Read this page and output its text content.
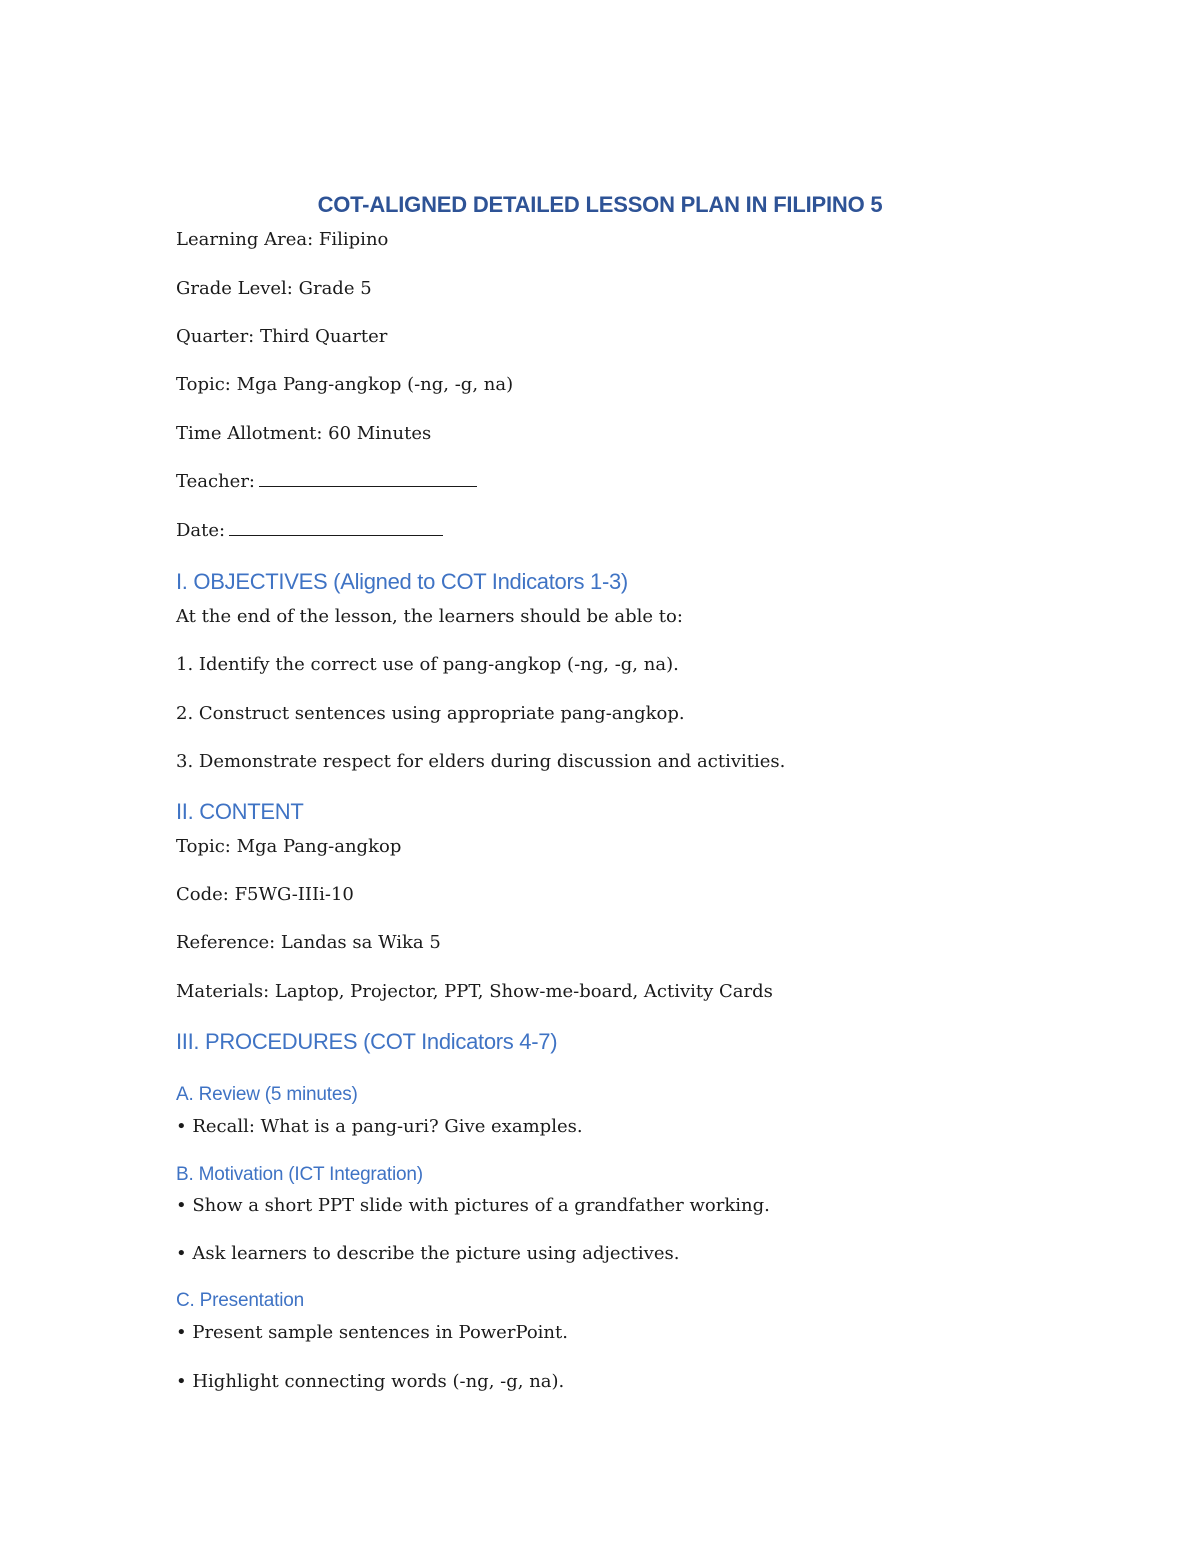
COT-ALIGNED DETAILED LESSON PLAN IN FILIPINO 5
Learning Area: Filipino
Grade Level: Grade 5
Quarter: Third Quarter
Topic: Mga Pang-angkop (-ng, -g, na)
Time Allotment: 60 Minutes
Teacher:
Date:
I. OBJECTIVES (Aligned to COT Indicators 1-3)
At the end of the lesson, the learners should be able to:
1. Identify the correct use of pang-angkop (-ng, -g, na).
2. Construct sentences using appropriate pang-angkop.
3. Demonstrate respect for elders during discussion and activities.
II. CONTENT
Topic: Mga Pang-angkop
Code: F5WG-IIIi-10
Reference: Landas sa Wika 5
Materials: Laptop, Projector, PPT, Show-me-board, Activity Cards
III. PROCEDURES (COT Indicators 4-7)
A. Review (5 minutes)
• Recall: What is a pang-uri? Give examples.
B. Motivation (ICT Integration)
• Show a short PPT slide with pictures of a grandfather working.
• Ask learners to describe the picture using adjectives.
C. Presentation
• Present sample sentences in PowerPoint.
• Highlight connecting words (-ng, -g, na).
